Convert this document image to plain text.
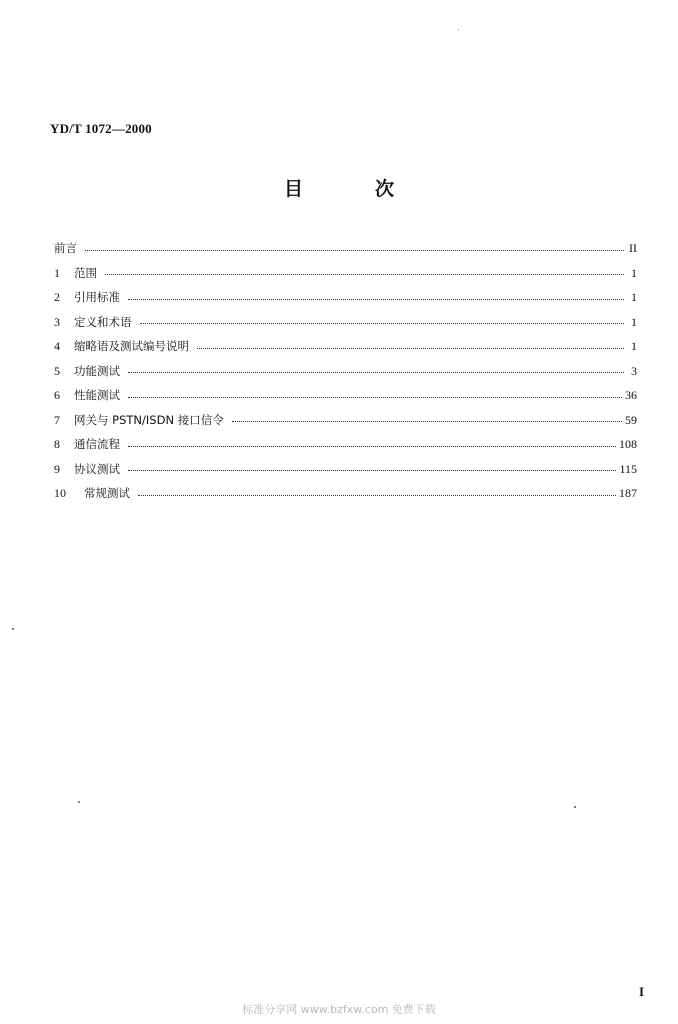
YD/T 1072—2000
目	次
前言	II
1	范围	1
2	引用标准	1
3	定义和术语	1
4	缩略语及测试编号说明	1
5	功能测试	3
6	性能测试	36
7	网关与 PSTN/ISDN 接口信令	59
8	通信流程	108
9	协议测试	115
10	常规测试	187
I
标准分享网 www.bzfxw.com 免费下载
